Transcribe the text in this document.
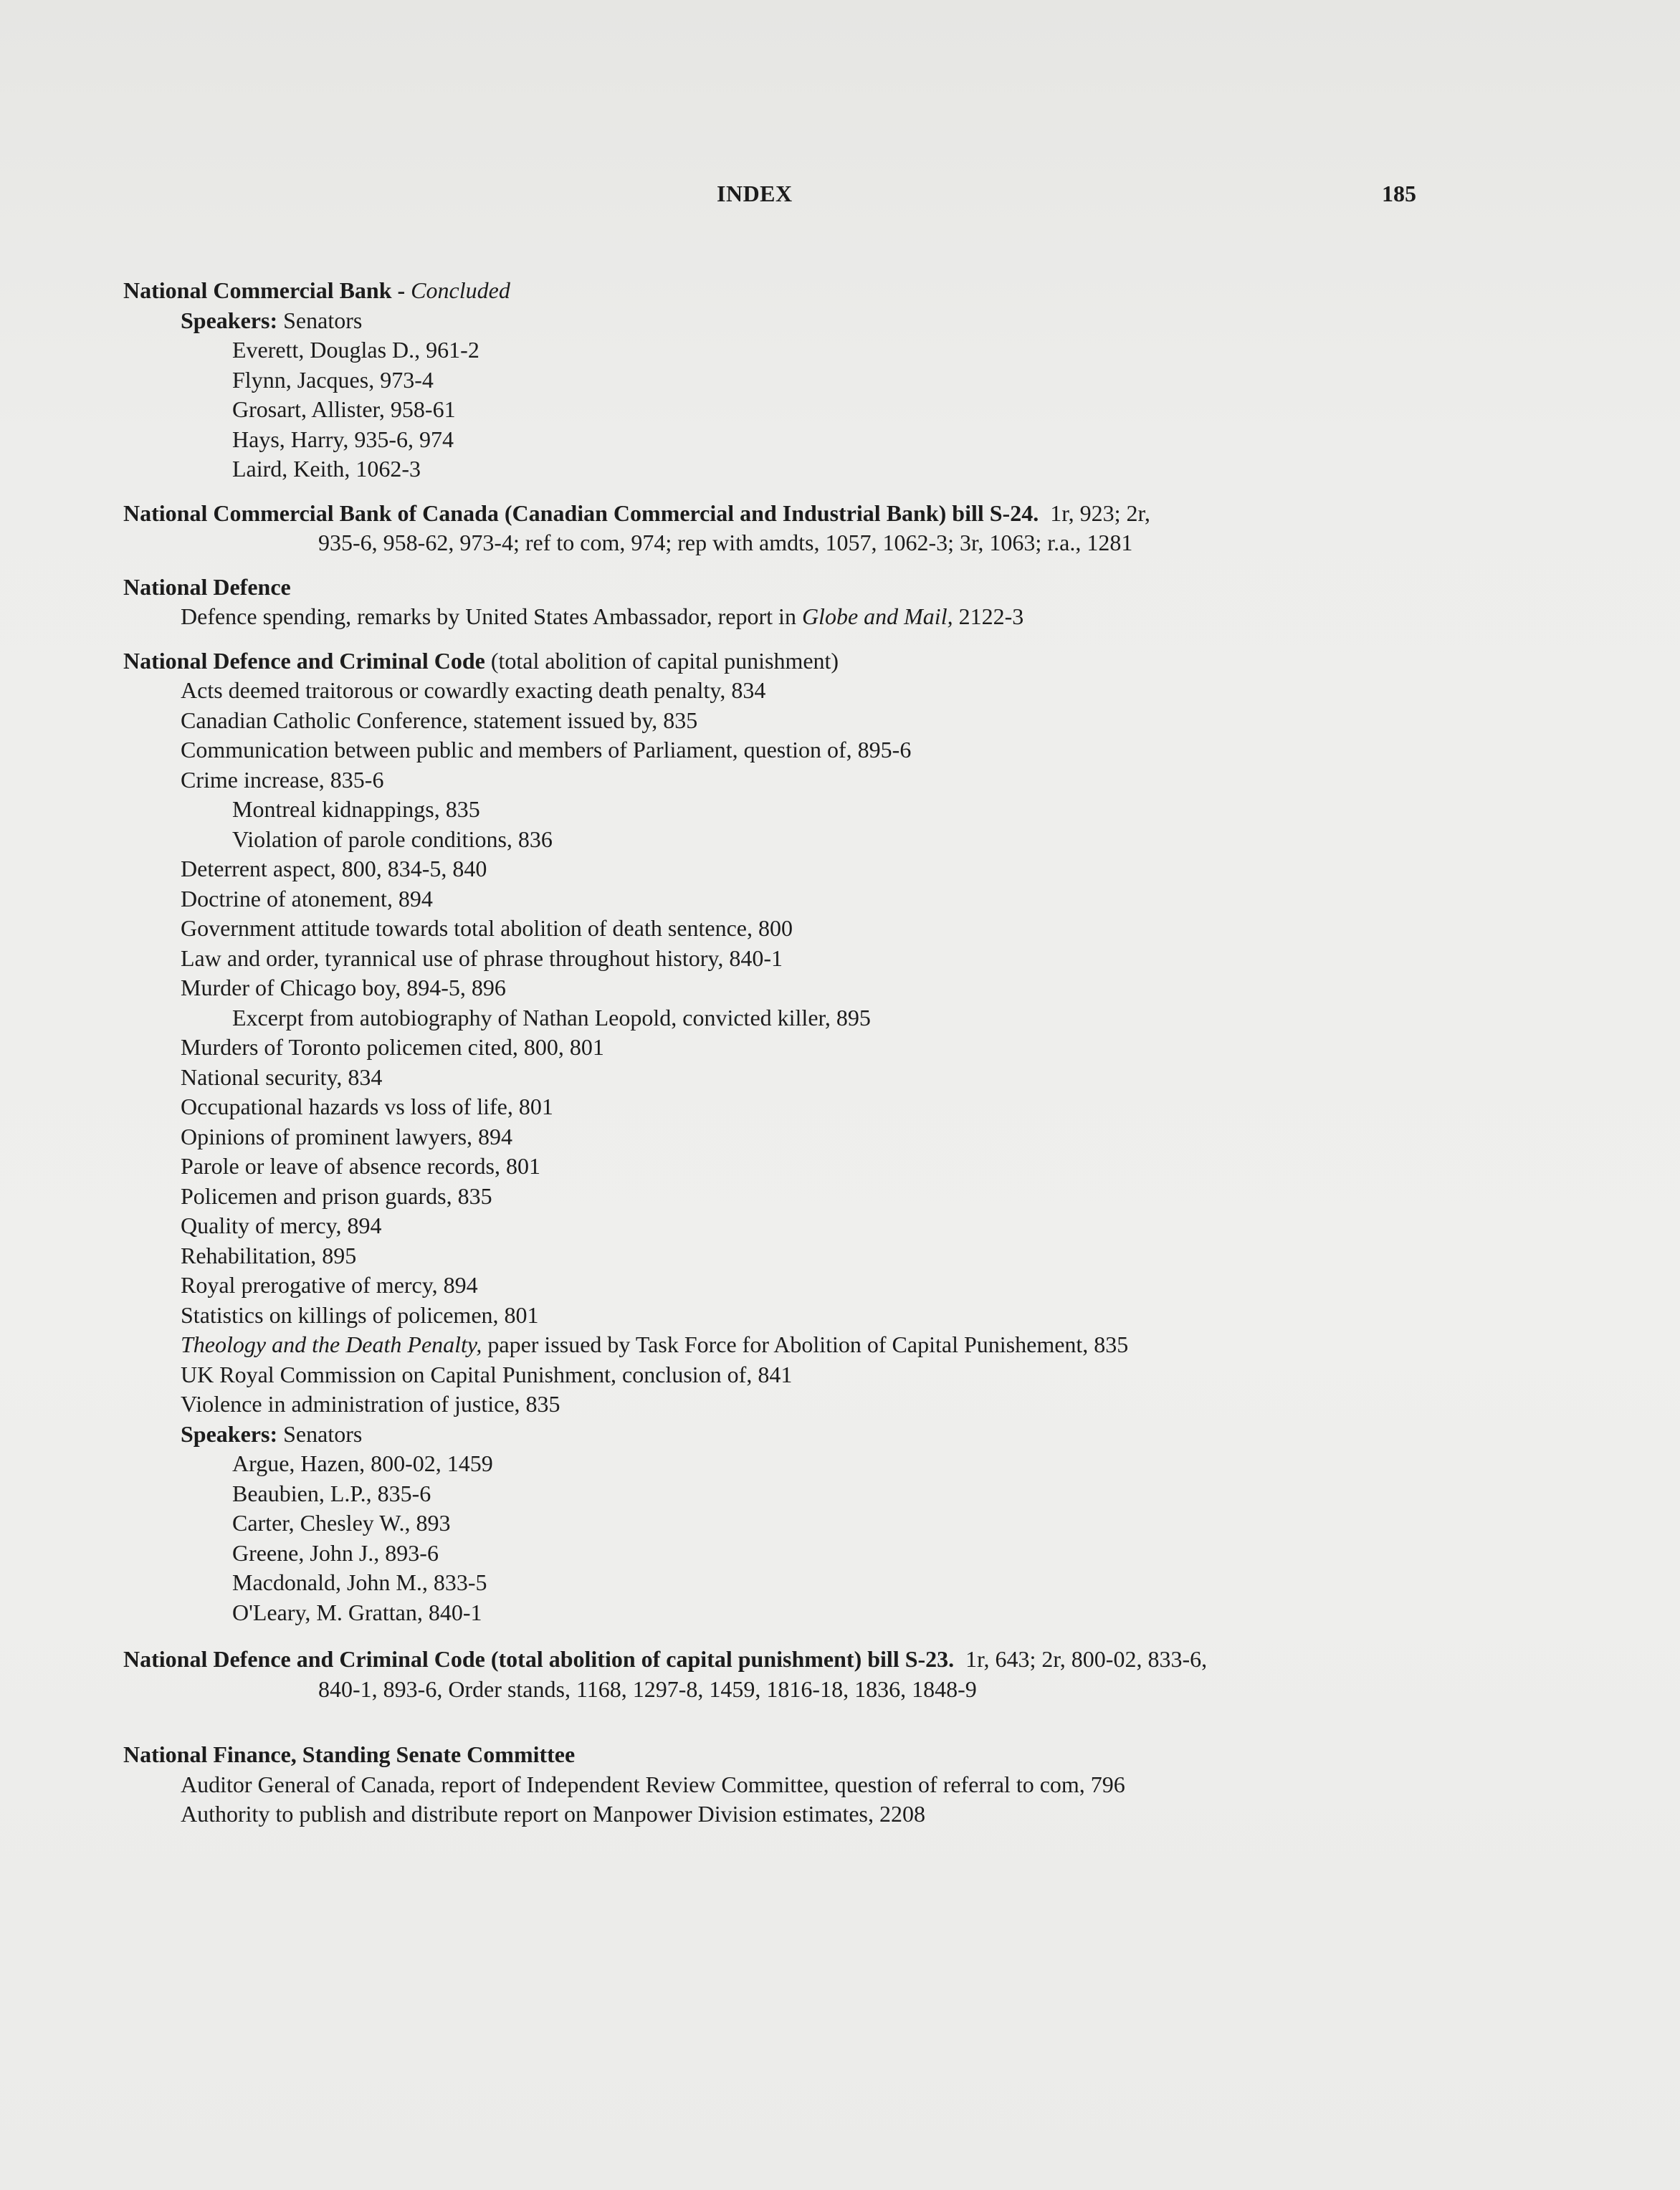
INDEX	185

National Commercial Bank - Concluded

Speakers: Senators

Everett, Douglas D., 961-2

Flynn, Jacques, 973-4

Grosart, Allister, 958-61

Hays, Harry, 935-6, 974

Laird, Keith, 1062-3

National Commercial Bank of Canada (Canadian Commercial and Industrial Bank) bill S-24. 1r, 923; 2r,

935-6, 958-62, 973-4; ref to com, 974; rep with amdts, 1057, 1062-3; 3r, 1063; r.a., 1281

National Defence

Defence spending, remarks by United States Ambassador, report in Globe and Mail, 2122-3

National Defence and Criminal Code (total abolition of capital punishment)

Acts deemed traitorous or cowardly exacting death penalty, 834

Canadian Catholic Conference, statement issued by, 835

Communication between public and members of Parliament, question of, 895-6

Crime increase, 835-6

Montreal kidnappings, 835

Violation of parole conditions, 836

Deterrent aspect, 800, 834-5, 840

Doctrine of atonement, 894

Government attitude towards total abolition of death sentence, 800

Law and order, tyrannical use of phrase throughout history, 840-1

Murder of Chicago boy, 894-5, 896

Excerpt from autobiography of Nathan Leopold, convicted killer, 895

Murders of Toronto policemen cited, 800, 801

National security, 834

Occupational hazards vs loss of life, 801

Opinions of prominent lawyers, 894

Parole or leave of absence records, 801

Policemen and prison guards, 835

Quality of mercy, 894

Rehabilitation, 895

Royal prerogative of mercy, 894

Statistics on killings of policemen, 801

Theology and the Death Penalty, paper issued by Task Force for Abolition of Capital Punishement, 835

UK Royal Commission on Capital Punishment, conclusion of, 841

Violence in administration of justice, 835

Speakers: Senators

Argue, Hazen, 800-02, 1459

Beaubien, L.P., 835-6

Carter, Chesley W., 893

Greene, John J., 893-6

Macdonald, John M., 833-5

O'Leary, M. Grattan, 840-1

National Defence and Criminal Code (total abolition of capital punishment) bill S-23. 1r, 643; 2r, 800-02, 833-6,

840-1, 893-6, Order stands, 1168, 1297-8, 1459, 1816-18, 1836, 1848-9

National Finance, Standing Senate Committee

Auditor General of Canada, report of Independent Review Committee, question of referral to com, 796

Authority to publish and distribute report on Manpower Division estimates, 2208
